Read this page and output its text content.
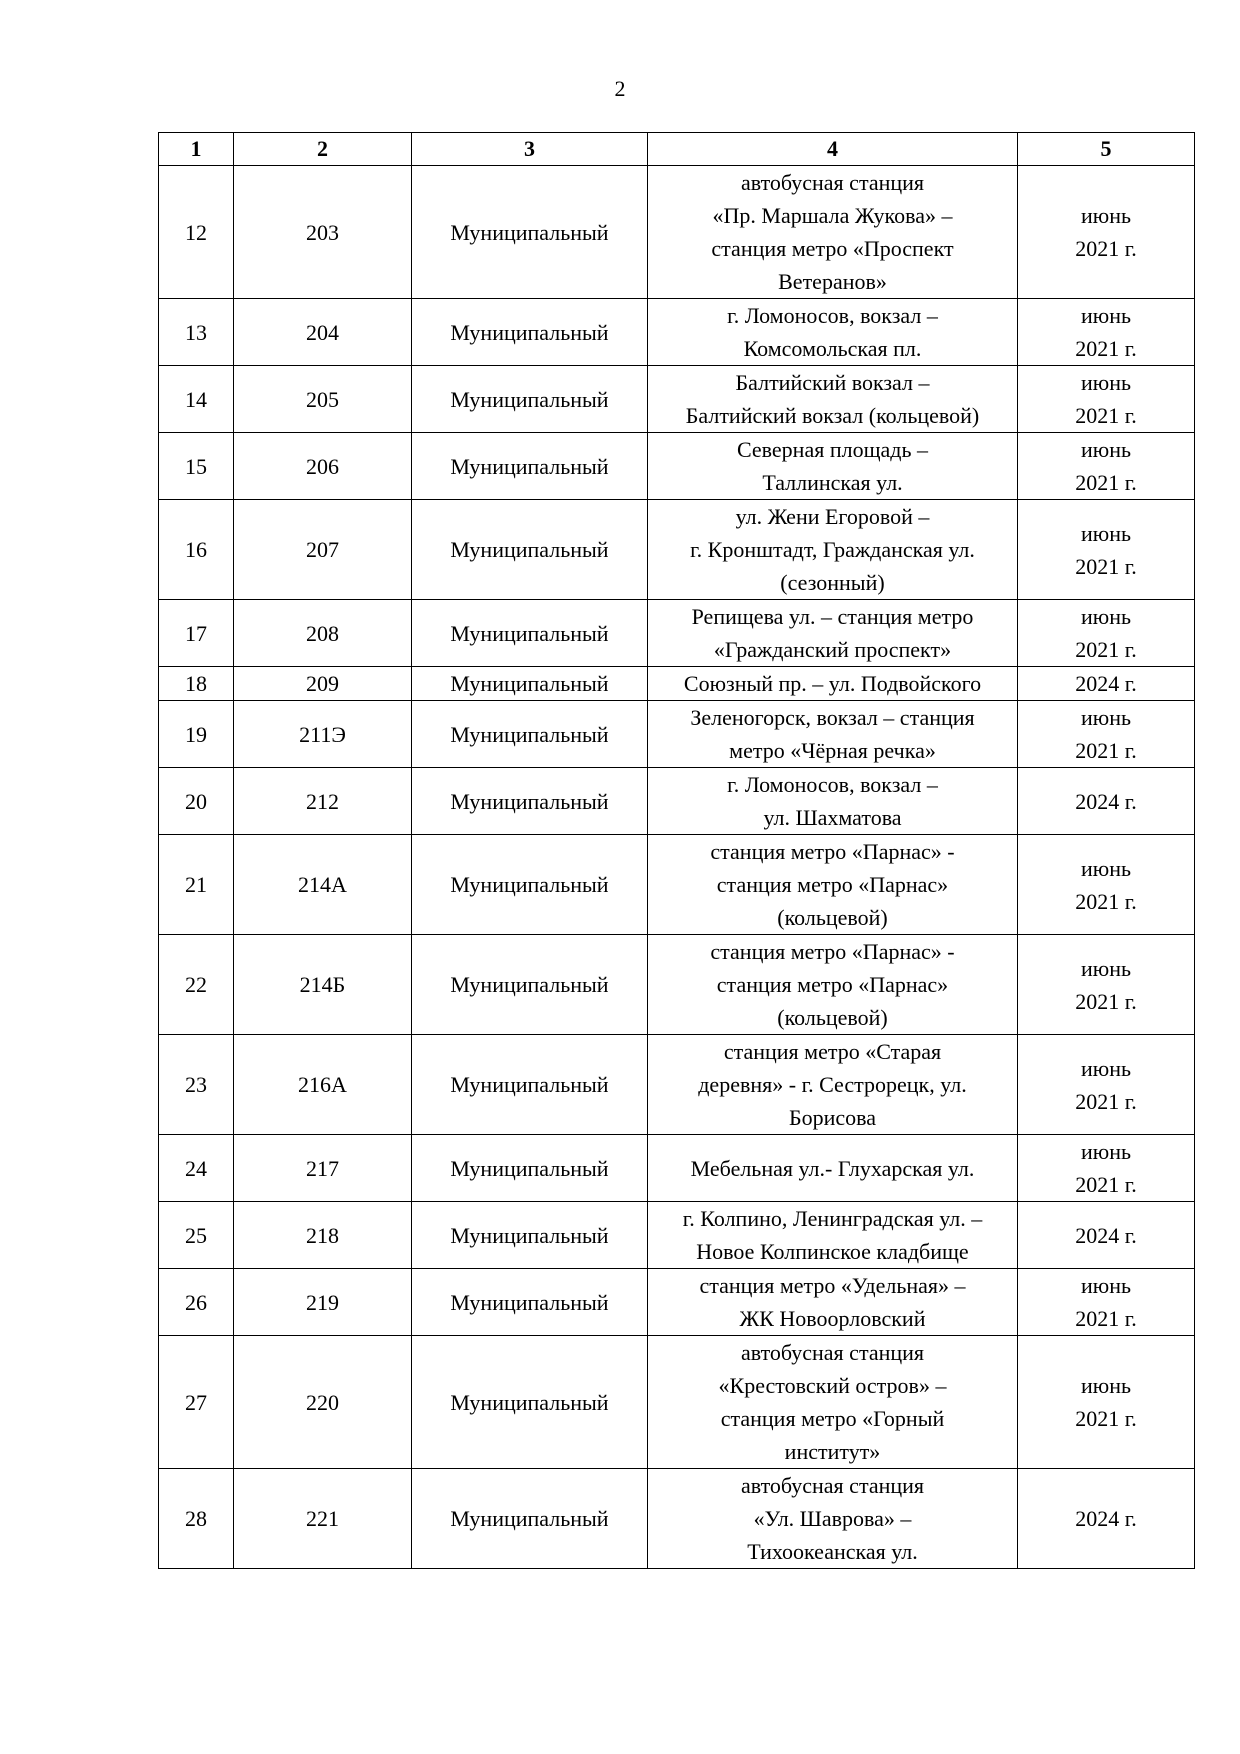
2
1	2	3	4	5
12	203	Муниципальный	автобусная станция
«Пр. Маршала Жукова» –
станция метро «Проспект
Ветеранов»	июнь
2021 г.

13	204	Муниципальный	г. Ломоносов, вокзал –
Комсомольская пл.	июнь
2021 г.

14	205	Муниципальный	Балтийский вокзал –
Балтийский вокзал (кольцевой)	июнь
2021 г.

15	206	Муниципальный	Северная площадь –
Таллинская ул.	июнь
2021 г.

16	207	Муниципальный	ул. Жени Егоровой –
г. Кронштадт, Гражданская ул.
(сезонный)	июнь
2021 г.

17	208	Муниципальный	Репищева ул. – станция метро
«Гражданский проспект»	июнь
2021 г.

18	209	Муниципальный	Союзный пр. – ул. Подвойского	2024 г.

19	211Э	Муниципальный	Зеленогорск, вокзал – станция
метро «Чёрная речка»	июнь
2021 г.

20	212	Муниципальный	г. Ломоносов, вокзал –
ул. Шахматова	2024 г.

21	214А	Муниципальный	станция метро «Парнас» -
станция метро «Парнас»
(кольцевой)	июнь
2021 г.

22	214Б	Муниципальный	станция метро «Парнас» -
станция метро «Парнас»
(кольцевой)	июнь
2021 г.

23	216А	Муниципальный	станция метро «Старая
деревня» - г. Сестрорецк, ул.
Борисова	июнь
2021 г.

24	217	Муниципальный	Мебельная ул.- Глухарская ул.	июнь
2021 г.

25	218	Муниципальный	г. Колпино, Ленинградская ул. –
Новое Колпинское кладбище	2024 г.

26	219	Муниципальный	станция метро «Удельная» –
ЖК Новоорловский	июнь
2021 г.

27	220	Муниципальный	автобусная станция
«Крестовский остров» –
станция метро «Горный
институт»	июнь
2021 г.

28	221	Муниципальный	автобусная станция
«Ул. Шаврова» –
Тихоокеанская ул.	2024 г.
